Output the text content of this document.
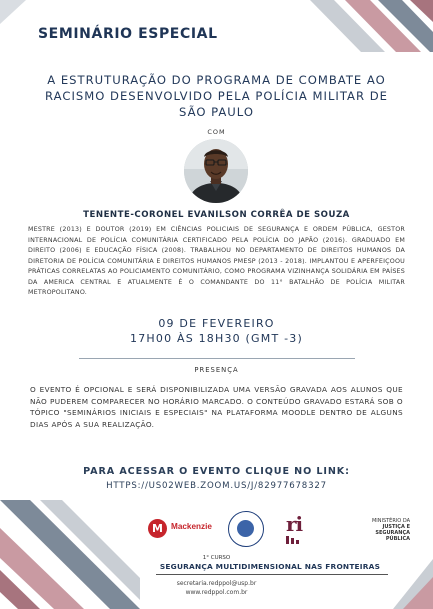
SEMINÁRIO ESPECIAL
A ESTRUTURAÇÃO DO PROGRAMA DE COMBATE AO
RACISMO DESENVOLVIDO PELA POLÍCIA MILITAR DE
SÃO PAULO
COM
TENENTE-CORONEL EVANILSON CORRÊA DE SOUZA
MESTRE (2013) E DOUTOR (2019) EM CIÊNCIAS POLICIAIS DE SEGURANÇA E ORDEM PÚBLICA, GESTOR INTERNACIONAL DE POLÍCIA COMUNITÁRIA CERTIFICADO PELA POLÍCIA DO JAPÃO (2016). GRADUADO EM DIREITO (2006) E EDUCAÇÃO FÍSICA (2008). TRABALHOU NO DEPARTAMENTO DE DIREITOS HUMANOS DA DIRETORIA DE POLÍCIA COMUNITÁRIA E DIREITOS HUMANOS PMESP (2013 - 2018). IMPLANTOU E APERFEIÇOOU PRÁTICAS CORRELATAS AO POLICIAMENTO COMUNITÁRIO, COMO PROGRAMA VIZINHANÇA SOLIDÁRIA EM PAÍSES DA AMERICA CENTRAL E ATUALMENTE É O COMANDANTE DO 11° BATALHÃO DE POLÍCIA MILITAR METROPOLITANO.
09 DE FEVEREIRO
17H00 ÀS 18H30 (GMT -3)
PRESENÇA
O EVENTO É OPCIONAL E SERÁ DISPONIBILIZADA UMA VERSÃO GRAVADA AOS ALUNOS QUE NÃO PUDEREM COMPARECER NO HORÁRIO MARCADO. O CONTEÚDO GRAVADO ESTARÁ SOB O TÓPICO "SEMINÁRIOS INICIAIS E ESPECIAIS" NA PLATAFORMA MOODLE DENTRO DE ALGUNS DIAS APÓS A SUA REALIZAÇÃO.
PARA ACESSAR O EVENTO CLIQUE NO LINK:
HTTPS://US02WEB.ZOOM.US/J/82977678327
M Mackenzie	ri	MINISTÉRIO DA
JUSTIÇA E
SEGURANÇA PÚBLICA
1° CURSO
SEGURANÇA MULTIDIMENSIONAL NAS FRONTEIRAS
secretaria.redppol@usp.br
www.redppol.com.br
